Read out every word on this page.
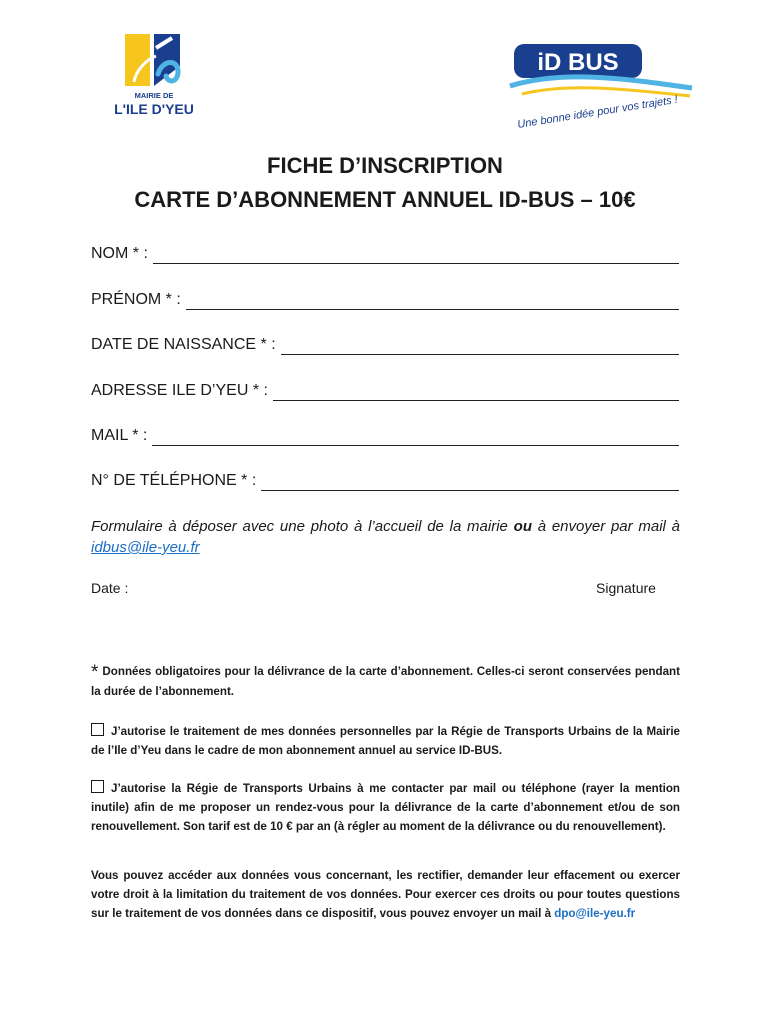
MAIRIE DE
L'ILE D'YEU
iD BUS
Une bonne idée pour vos trajets !
FICHE D’INSCRIPTION
CARTE D’ABONNEMENT ANNUEL ID-BUS – 10€
NOM * :
PRÉNOM * :
DATE DE NAISSANCE * :
ADRESSE ILE D’YEU * :
MAIL * :
N° DE TÉLÉPHONE * :
Formulaire à déposer avec une photo à l’accueil de la mairie ou à envoyer par mail à idbus@ile-yeu.fr
Date :	Signature
* Données obligatoires pour la délivrance de la carte d’abonnement. Celles-ci seront conservées pendant la durée de l’abonnement.
J’autorise le traitement de mes données personnelles par la Régie de Transports Urbains de la Mairie de l’Ile d’Yeu dans le cadre de mon abonnement annuel au service ID-BUS.
J’autorise la Régie de Transports Urbains à me contacter par mail ou téléphone (rayer la mention inutile) afin de me proposer un rendez-vous pour la délivrance de la carte d’abonnement et/ou de son renouvellement. Son tarif est de 10 € par an (à régler au moment de la délivrance ou du renouvellement).
Vous pouvez accéder aux données vous concernant, les rectifier, demander leur effacement ou exercer votre droit à la limitation du traitement de vos données. Pour exercer ces droits ou pour toutes questions sur le traitement de vos données dans ce dispositif, vous pouvez envoyer un mail à dpo@ile-yeu.fr
